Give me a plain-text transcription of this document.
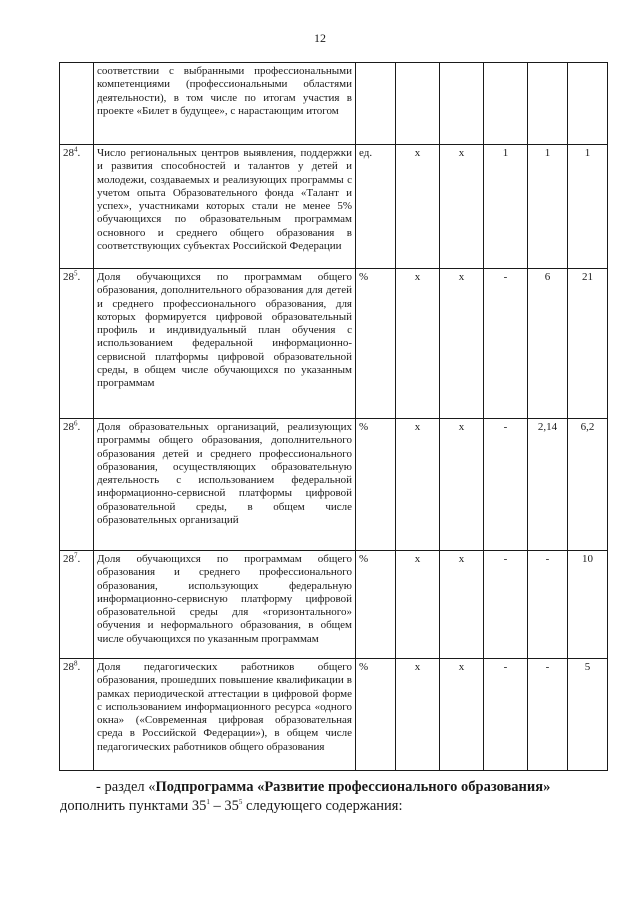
12
	соответствии с выбранными профессиональными компетенциями (профессиональными областями деятельности), в том числе по итогам участия в проекте «Билет в будущее», с нарастающим итогом						
$28^4$.	Число региональных центров выявления, поддержки и развития способностей и талантов у детей и молодежи, создаваемых и реализующих программы с учетом опыта Образовательного фонда «Талант и успех», участниками которых стали не менее 5% обучающихся по образовательным программам основного и среднего общего образования в соответствующих субъектах Российской Федерации	ед.	х	х	1	1	1
$28^5$.	Доля обучающихся по программам общего образования, дополнительного образования для детей и среднего профессионального образования, для которых формируется цифровой образовательный профиль и индивидуальный план обучения с использованием федеральной информационно-сервисной платформы цифровой образовательной среды, в общем числе обучающихся по указанным программам	%	х	х	-	6	21
$28^6$.	Доля образовательных организаций, реализующих программы общего образования, дополнительного образования детей и среднего профессионального образования, осуществляющих образовательную деятельность с использованием федеральной информационно-сервисной платформы цифровой образовательной среды, в общем числе образовательных организаций	%	х	х	-	2,14	6,2
$28^7$.	Доля обучающихся по программам общего образования и среднего профессионального образования, использующих федеральную информационно-сервисную платформу цифровой образовательной среды для «горизонтального» обучения и неформального образования, в общем числе обучающихся по указанным программам	%	х	х	-	-	10
$28^8$.	Доля педагогических работников общего образования, прошедших повышение квалификации в рамках периодической аттестации в цифровой форме с использованием информационного ресурса «одного окна» («Современная цифровая образовательная среда в Российской Федерации»), в общем числе педагогических работников общего образования	%	х	х	-	-	5
- раздел «Подпрограмма «Развитие профессионального образования»
дополнить пунктами $35^1 - 35^5$ следующего содержания:
